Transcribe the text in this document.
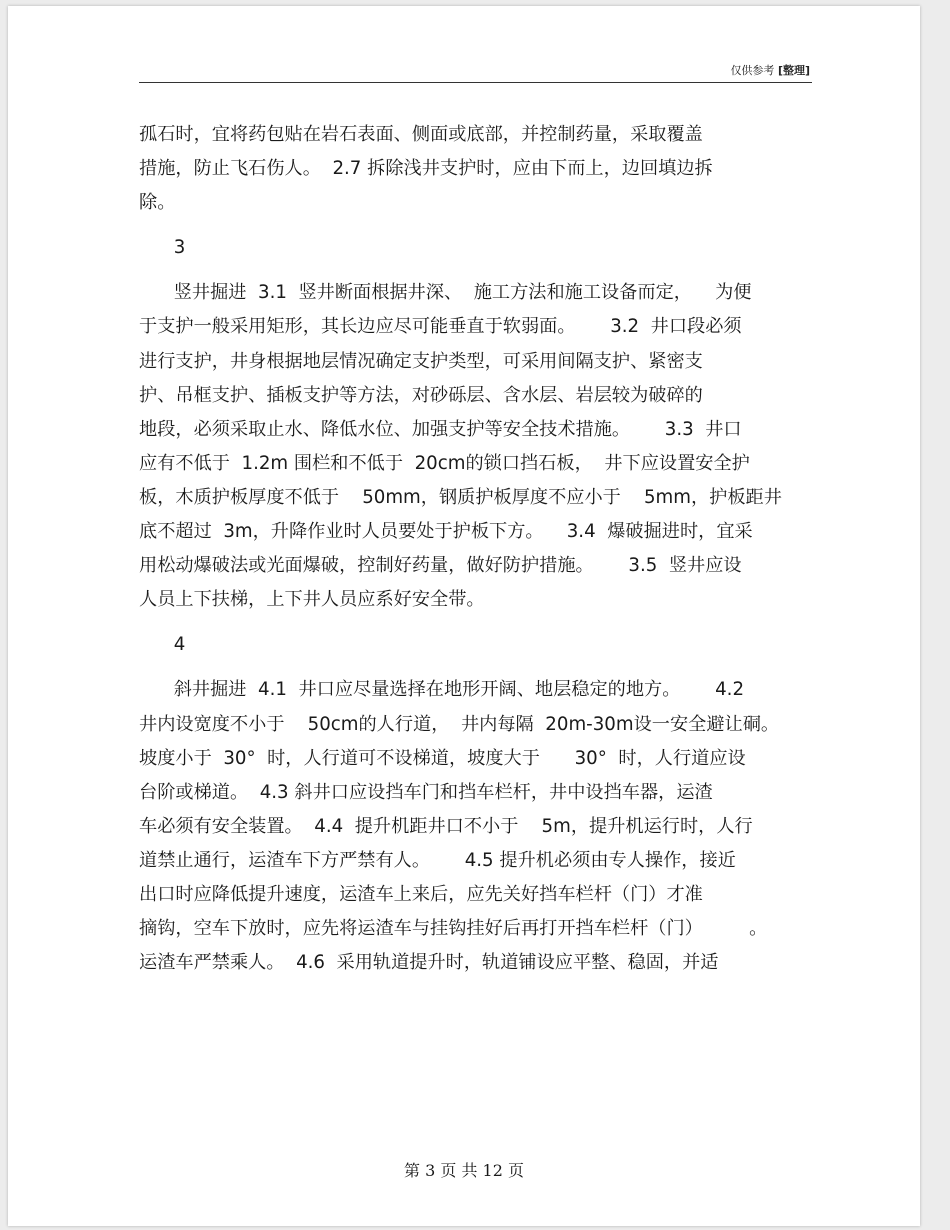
仅供参考 [整理]
孤石时，宜将药包贴在岩石表面、侧面或底部，并控制药量，采取覆盖
措施，防止飞石伤人。  2.7 拆除浅井支护时，应由下而上，边回填边拆
除。
3
竖井掘进  3.1  竖井断面根据井深、  施工方法和施工设备而定，    为便
于支护一般采用矩形，其长边应尽可能垂直于软弱面。      3.2  井口段必须
进行支护，井身根据地层情况确定支护类型，可采用间隔支护、紧密支
护、吊框支护、插板支护等方法，对砂砾层、含水层、岩层较为破碎的
地段，必须采取止水、降低水位、加强支护等安全技术措施。      3.3  井口
应有不低于  1.2m 围栏和不低于  20cm的锁口挡石板，  井下应设置安全护
板，木质护板厚度不低于    50mm，钢质护板厚度不应小于    5mm，护板距井
底不超过  3m，升降作业时人员要处于护板下方。    3.4  爆破掘进时，宜采
用松动爆破法或光面爆破，控制好药量，做好防护措施。      3.5  竖井应设
人员上下扶梯，上下井人员应系好安全带。
4
斜井掘进  4.1  井口应尽量选择在地形开阔、地层稳定的地方。      4.2
井内设宽度不小于    50cm的人行道，  井内每隔  20m-30m设一安全避让硐。
坡度小于  30°  时，人行道可不设梯道，坡度大于      30°  时，人行道应设
台阶或梯道。  4.3 斜井口应设挡车门和挡车栏杆，井中设挡车器，运渣
车必须有安全装置。  4.4  提升机距井口不小于    5m，提升机运行时，人行
道禁止通行，运渣车下方严禁有人。      4.5 提升机必须由专人操作，接近
出口时应降低提升速度，运渣车上来后，应先关好挡车栏杆（门）才准
摘钩，空车下放时，应先将运渣车与挂钩挂好后再打开挡车栏杆（门）        。
运渣车严禁乘人。  4.6  采用轨道提升时，轨道铺设应平整、稳固，并适
第 3 页 共 12 页
